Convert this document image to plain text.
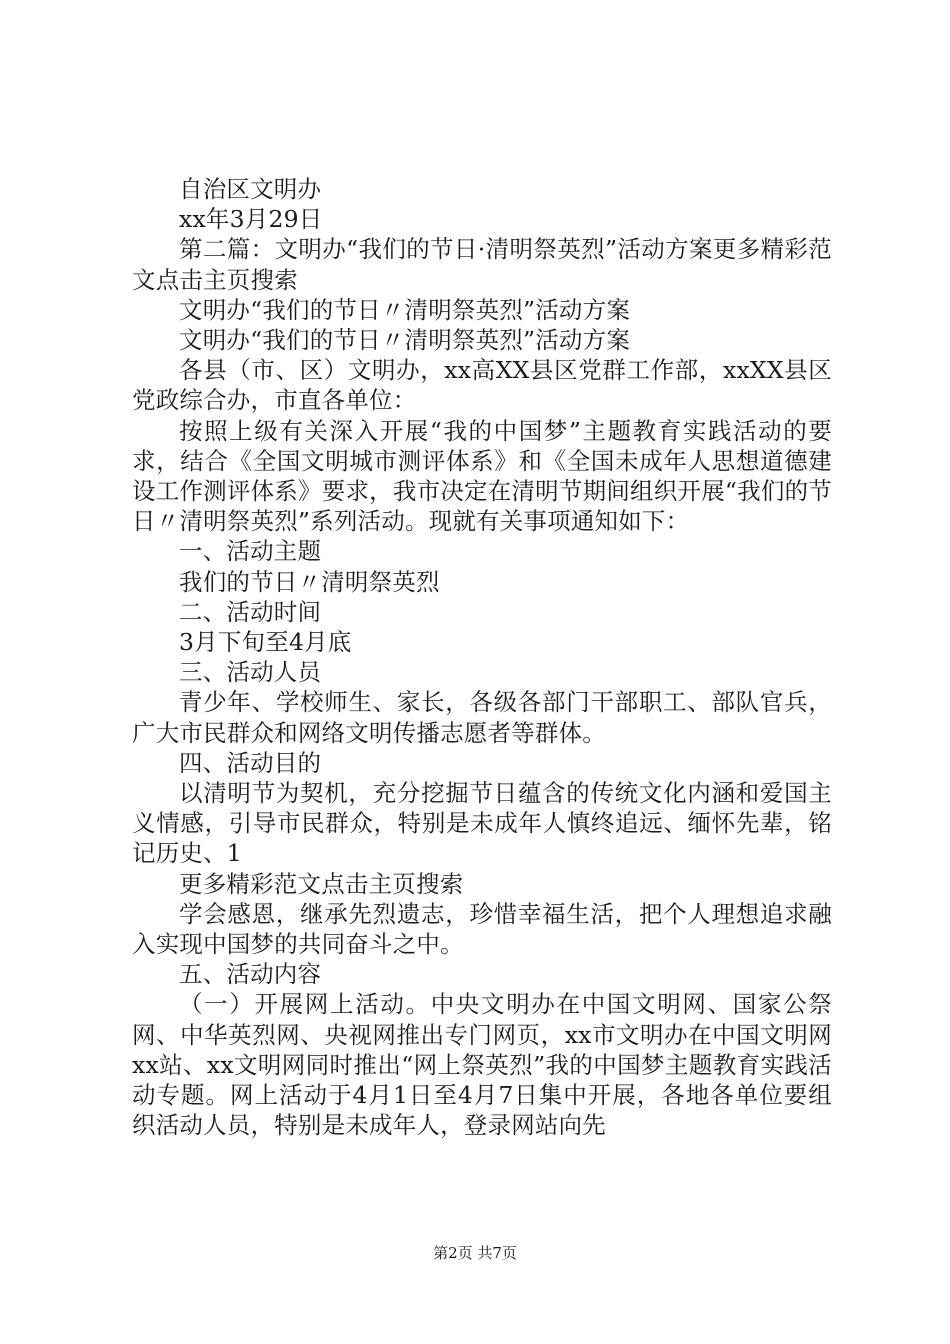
自治区文明办

xx年3月29日

第二篇：文明办“我们的节日·清明祭英烈”活动方案更多精彩范文点击主页搜索

文明办“我们的节日〃清明祭英烈”活动方案

文明办“我们的节日〃清明祭英烈”活动方案

各县（市、区）文明办，xx高XX县区党群工作部，xxXX县区党政综合办，市直各单位：

按照上级有关深入开展“我的中国梦”主题教育实践活动的要求，结合《全国文明城市测评体系》和《全国未成年人思想道德建设工作测评体系》要求，我市决定在清明节期间组织开展“我们的节日〃清明祭英烈”系列活动。现就有关事项通知如下：

一、活动主题

我们的节日〃清明祭英烈

二、活动时间

3月下旬至4月底

三、活动人员

青少年、学校师生、家长，各级各部门干部职工、部队官兵，广大市民群众和网络文明传播志愿者等群体。

四、活动目的

以清明节为契机，充分挖掘节日蕴含的传统文化内涵和爱国主义情感，引导市民群众，特别是未成年人慎终追远、缅怀先辈，铭记历史、1

更多精彩范文点击主页搜索

学会感恩，继承先烈遗志，珍惜幸福生活，把个人理想追求融入实现中国梦的共同奋斗之中。

五、活动内容

（一）开展网上活动。中央文明办在中国文明网、国家公祭网、中华英烈网、央视网推出专门网页，xx市文明办在中国文明网xx站、xx文明网同时推出“网上祭英烈”我的中国梦主题教育实践活动专题。网上活动于4月1日至4月7日集中开展，各地各单位要组织活动人员，特别是未成年人，登录网站向先

第2页 共7页
